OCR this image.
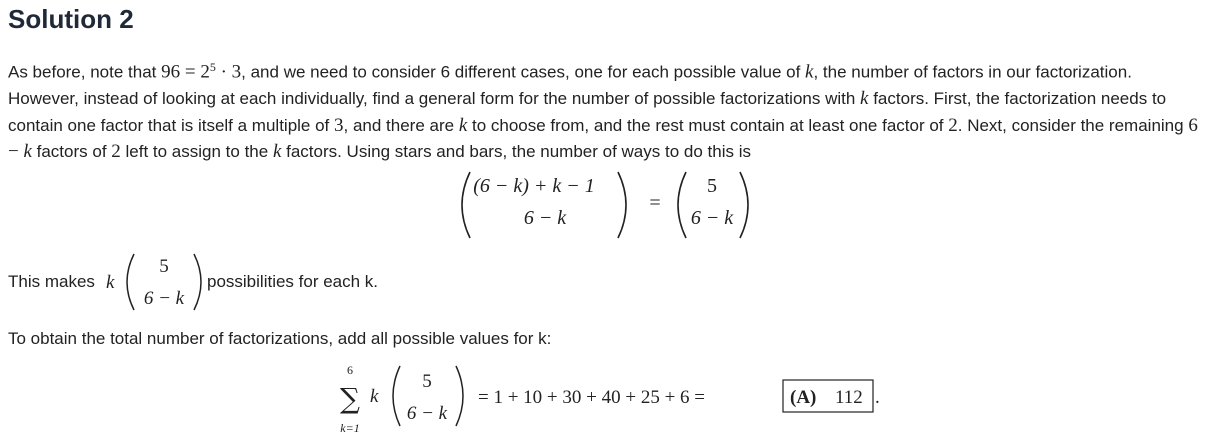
Solution 2
As before, note that $96 = 2^5 \cdot 3$, and we need to consider 6 different cases, one for each possible value of k, the number of factors in our factorization. However, instead of looking at each individually, find a general form for the number of possible factorizations with k factors. First, the factorization needs to contain one factor that is itself a multiple of 3, and there are k to choose from, and the rest must contain at least one factor of 2. Next, consider the remaining 6 − k factors of 2 left to assign to the k factors. Using stars and bars, the number of ways to do this is
(6 − k) + k − 1
6 − k
=
5
6 − k
This makes k
5
6 − k
possibilities for each k.
To obtain the total number of factorizations, add all possible values for k:
6
∑
k=1
k
5
6 − k
= 1 + 10 + 30 + 40 + 25 + 6 =	(A) 112 .
